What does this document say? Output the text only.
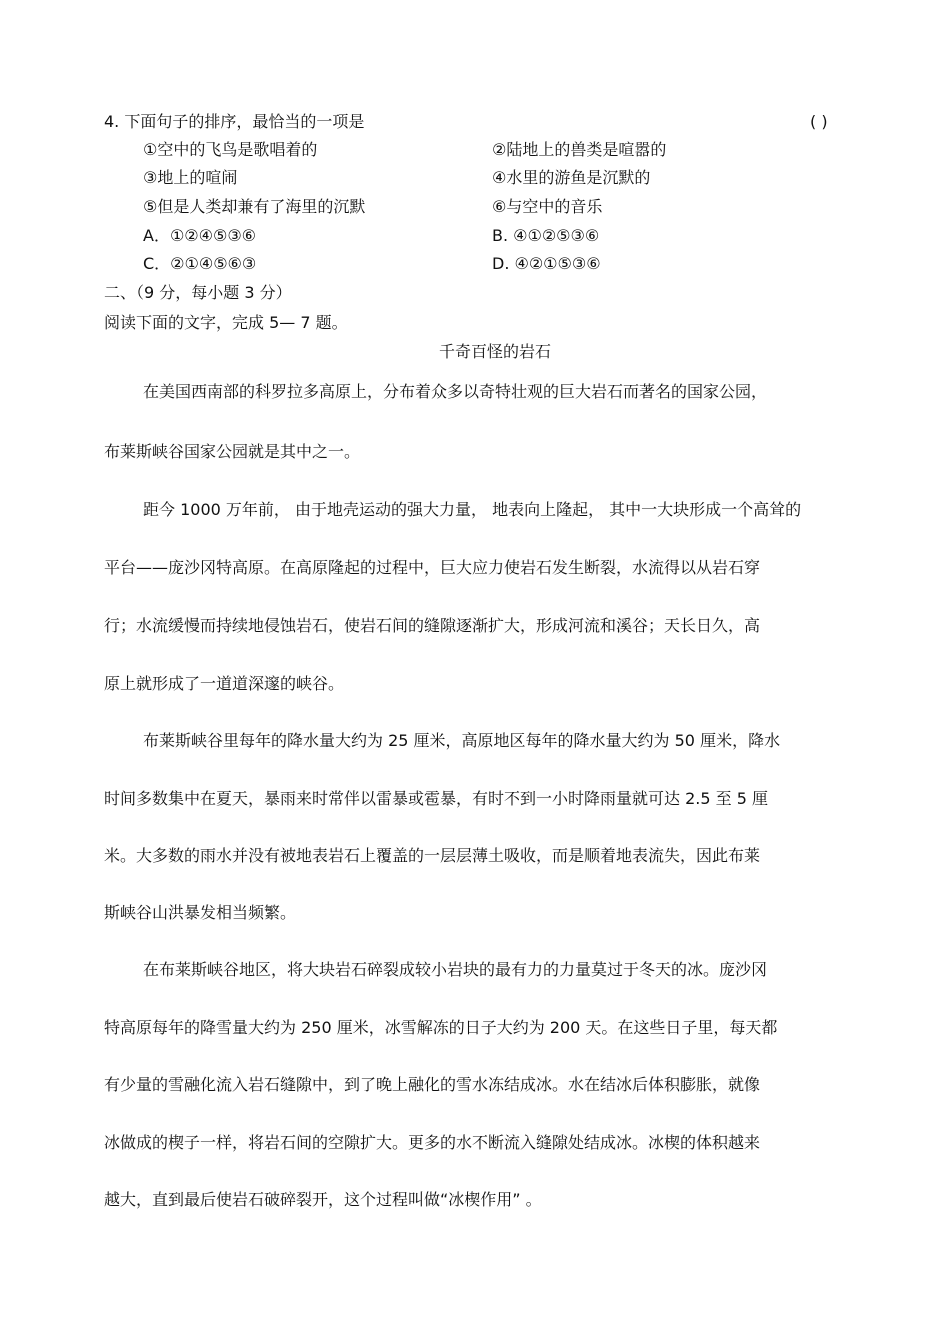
4. 下面句子的排序，最恰当的一项是	( )
①空中的飞鸟是歌唱着的	②陆地上的兽类是喧嚣的
③地上的喧闹	④水里的游鱼是沉默的
⑤但是人类却兼有了海里的沉默	⑥与空中的音乐
A．①②④⑤③⑥	B. ④①②⑤③⑥
C．②①④⑤⑥③	D. ④②①⑤③⑥
二、（9 分，每小题 3 分）
阅读下面的文字，完成 5— 7 题。
千奇百怪的岩石
在美国西南部的科罗拉多高原上，分布着众多以奇特壮观的巨大岩石而著名的国家公园，
布莱斯峡谷国家公园就是其中之一。
距今 1000 万年前， 由于地壳运动的强大力量， 地表向上隆起， 其中一大块形成一个高耸的
平台——庞沙冈特高原。在高原隆起的过程中，巨大应力使岩石发生断裂，水流得以从岩石穿
行；水流缓慢而持续地侵蚀岩石，使岩石间的缝隙逐渐扩大，形成河流和溪谷；天长日久，高
原上就形成了一道道深邃的峡谷。
布莱斯峡谷里每年的降水量大约为 25 厘米，高原地区每年的降水量大约为 50 厘米，降水
时间多数集中在夏天，暴雨来时常伴以雷暴或雹暴，有时不到一小时降雨量就可达 2.5 至 5 厘
米。大多数的雨水并没有被地表岩石上覆盖的一层层薄土吸收，而是顺着地表流失，因此布莱
斯峡谷山洪暴发相当频繁。
在布莱斯峡谷地区，将大块岩石碎裂成较小岩块的最有力的力量莫过于冬天的冰。庞沙冈
特高原每年的降雪量大约为 250 厘米，冰雪解冻的日子大约为 200 天。在这些日子里，每天都
有少量的雪融化流入岩石缝隙中，到了晚上融化的雪水冻结成冰。水在结冰后体积膨胀，就像
冰做成的楔子一样，将岩石间的空隙扩大。更多的水不断流入缝隙处结成冰。冰楔的体积越来
越大，直到最后使岩石破碎裂开，这个过程叫做“冰楔作用” 。
